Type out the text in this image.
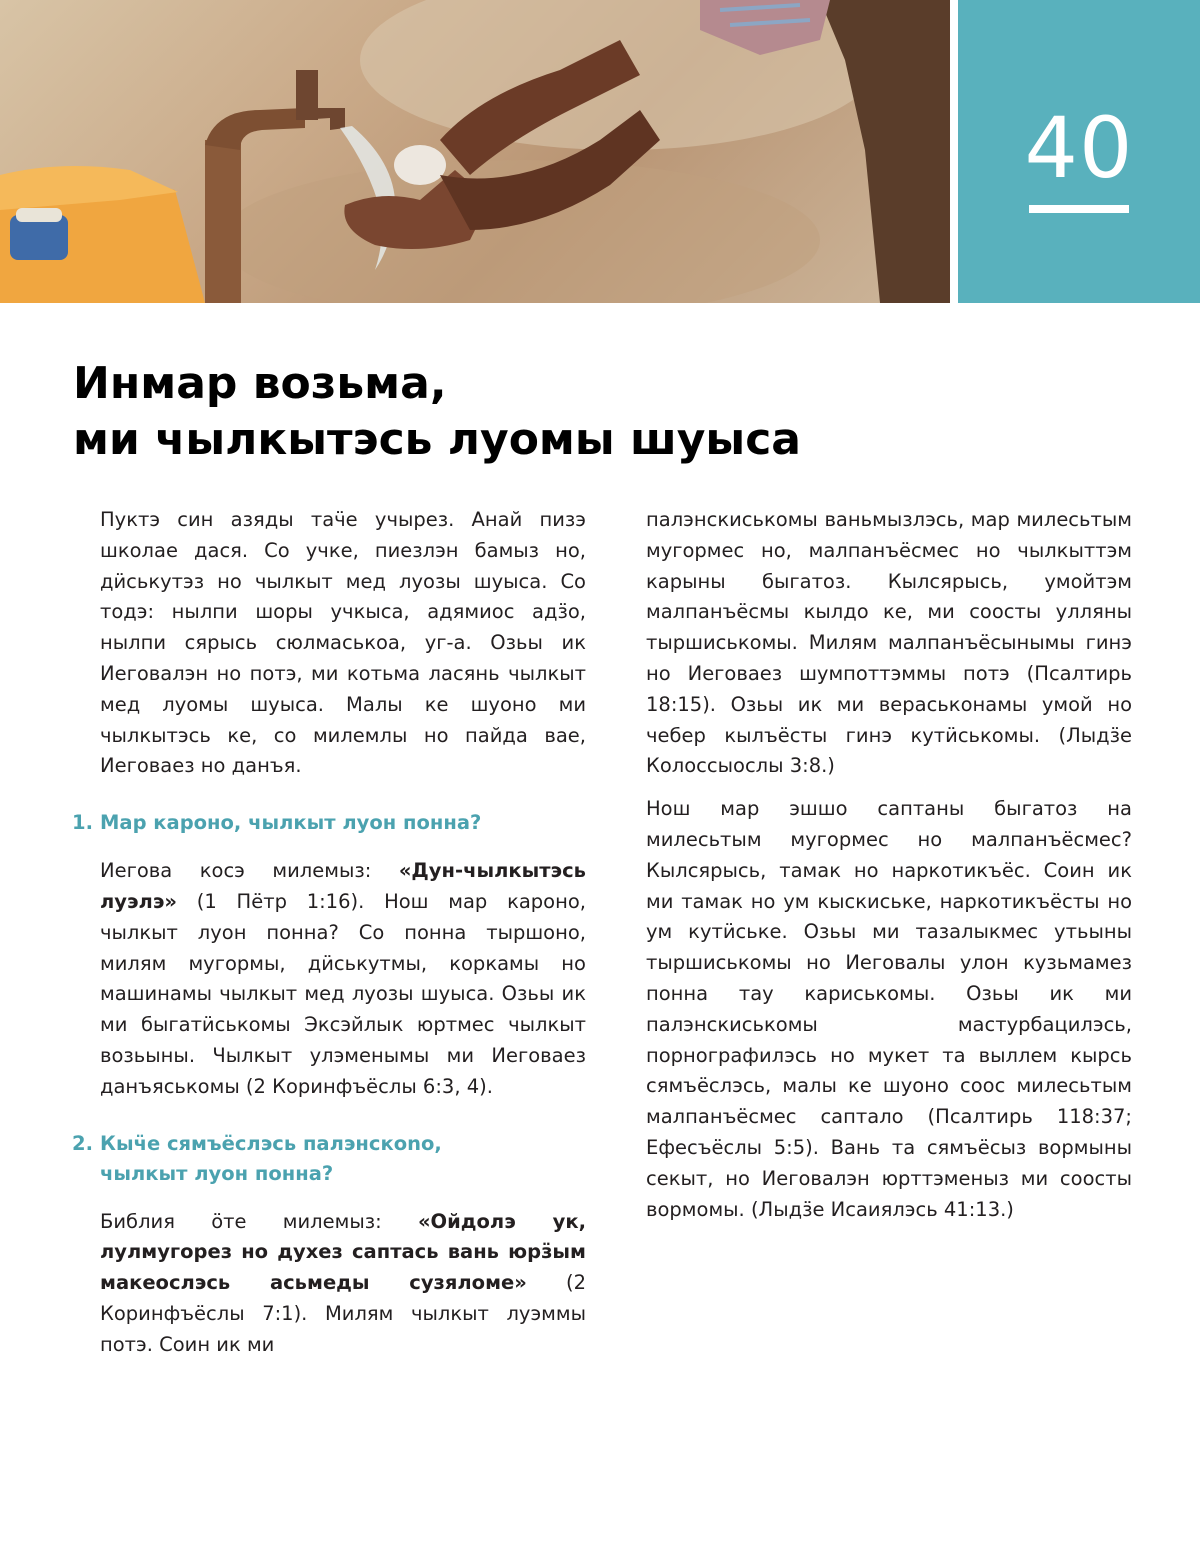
40
Инмар возьма,
ми чылкытэсь луомы шуыса

Пуктэ син азяды таӵе учырез. Анай пизэ школае дася. Со учке, пиезлэн бамыз но, дӥськутэз но чылкыт мед луозы шуыса. Со тодэ: нылпи шоры учкыса, адямиос адӟо, нылпи сярысь сюлмаськоа, уг-а. Озьы ик Иеговалэн но потэ, ми котьма ласянь чылкыт мед луомы шуыса. Малы ке шуоно ми чылкытэсь ке, со милемлы но пайда вае, Иеговаез но данъя.

1. Мар кароно, чылкыт луон понна?

Иегова косэ милемыз: «Дун-чылкытэсь луэлэ» (1 Пётр 1:16). Нош мар кароно, чылкыт луон понна? Со понна тыршоно, милям мугормы, дӥськутмы, коркамы но машинамы чылкыт мед луозы шуыса. Озьы ик ми быгатӥськомы Эксэйлык юртмес чылкыт возьыны. Чылкыт улэменымы ми Иеговаез данъяськомы (2 Коринфъёслы 6:3, 4).

2. Кыӵе сямъёслэсь палэнскono,
чылкыт луон понна?

Библия ӧтe милемыз: «Ойдолэ ук, лулмугорез но духез саптась вань юрӟым макеослэсь асьмеды сузяломе» (2 Коринфъёслы 7:1). Милям чылкыт луэммы потэ. Соин ик ми

палэнскиськомы ваньмызлэсь, мар милесьтым мугормес но, малпанъёсмес но чылкыттэм карыны быгатоз. Кылсярысь, умойтэм малпанъёсмы кылдо ке, ми соосты улляны тыршиськомы. Милям малпанъёсынымы гинэ но Иеговаез шумпоттэммы потэ (Псалтирь 18:15). Озьы ик ми вераськонамы умой но чебер кылъёсты гинэ кутӥськомы. (Лыдӟе Колоссыослы 3:8.)

Нош мар эшшо саптаны быгатоз на милесьтым мугормес но малпанъёсмес? Кылсярысь, тамак но наркотикъёс. Соин ик ми тамак но ум кыскиське, наркотикъёсты но ум кутӥське. Озьы ми тазалыкмес утьыны тыршиськомы но Иеговалы улон кузьмамез понна тау кариськомы. Озьы ик ми палэнскиськомы мастурбацилэсь, порнографилэсь но мукет та выллем кырсь сямъёслэсь, малы ке шуоно соос милесьтым малпанъёсмес саптало (Псалтирь 118:37; Ефесъёслы 5:5). Вань та сямъёсыз вормыны секыт, но Иеговалэн юрттэменыз ми соосты вормомы. (Лыдӟе Исаиялэсь 41:13.)
